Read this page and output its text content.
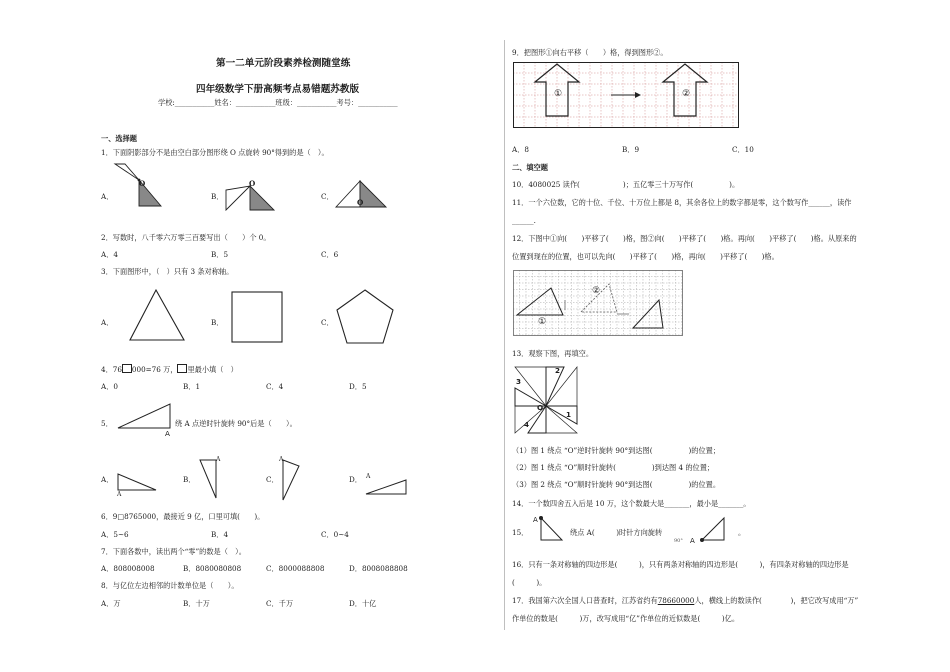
第一二单元阶段素养检测随堂练
四年级数学下册高频考点易错题苏教版
学校:___________姓名：___________班级：___________考号：___________
一、选择题
1．下面阴影部分不是由空白部分图形绕 O 点旋转 90°得到的是（　）。
A．
O
B．
O
C．
O
2．写数时，八千零六万零三百要写出（　　）个 0。
A．4	B．5	C．6
3．下面图形中，（　）只有 3 条对称轴。
A．	B．	C．
4．76 000=76 万， 里最小填（　）
A．0	B．1	C．4	D．5
5．
A
绕 A 点逆时针旋转 90°后是（　　）。
A．
A
B．
A
C．
A
D． A
6．9□8765000，最接近 9 亿，口里可填(　　)。
A．5~6	B．4	C．0~4
7．下面各数中，读出两个“零”的数是（　）。
A．808008008	B．8080080808	C．8000088808	D．8008088808
8．与亿位左边相邻的计数单位是（　　）。
A．万	B．十万	C．千万	D．十亿
9．把图形①向右平移（　　）格，得到图形②。
①	②
A．8	B．9	C．10
二、填空题
10．4080025 读作(　　　　　　)；五亿零三十万写作(　　　　　)。
11．一个六位数，它的十位、千位、十万位上都是 8，其余各位上的数字都是零，这个数写作______，读作
______.
12．下图中①向(　　)平移了(　　)格，图②向(　　)平移了(　　)格。再向(　　)平移了(　　)格。从原来的
位置到现在的位置，也可以先向(　　)平移了(　　)格，再向(　　)平移了(　　)格。
①
②
13．观察下图，再填空。
2
3
1
4
O
（1）图 1 绕点 “O”逆时针旋转 90°到达图(　　　　　)的位置；
（2）图 1 绕点 “O”顺时针旋转(　　　　　)到达图 4 的位置；
（3）图 2 绕点 “O”顺时针旋转 90°到达图(　　　　　)的位置。
14．一个数四舍五入后是 10 万，这个数最大是_______，最小是_______。
15．
A
绕点 A(　　　)时针方向旋转
90° A
。
16．只有一条对称轴的四边形是(　　　)，只有两条对称轴的四边形是(　　　)，有四条对称轴的四边形是
(　　　)。
17．我国第六次全国人口普查时，江苏省约有78660000人，横线上的数读作(　　　　)，把它改写成用“万”
作单位的数是(　　　)万，改写成用“亿”作单位的近似数是(　　　)亿。
